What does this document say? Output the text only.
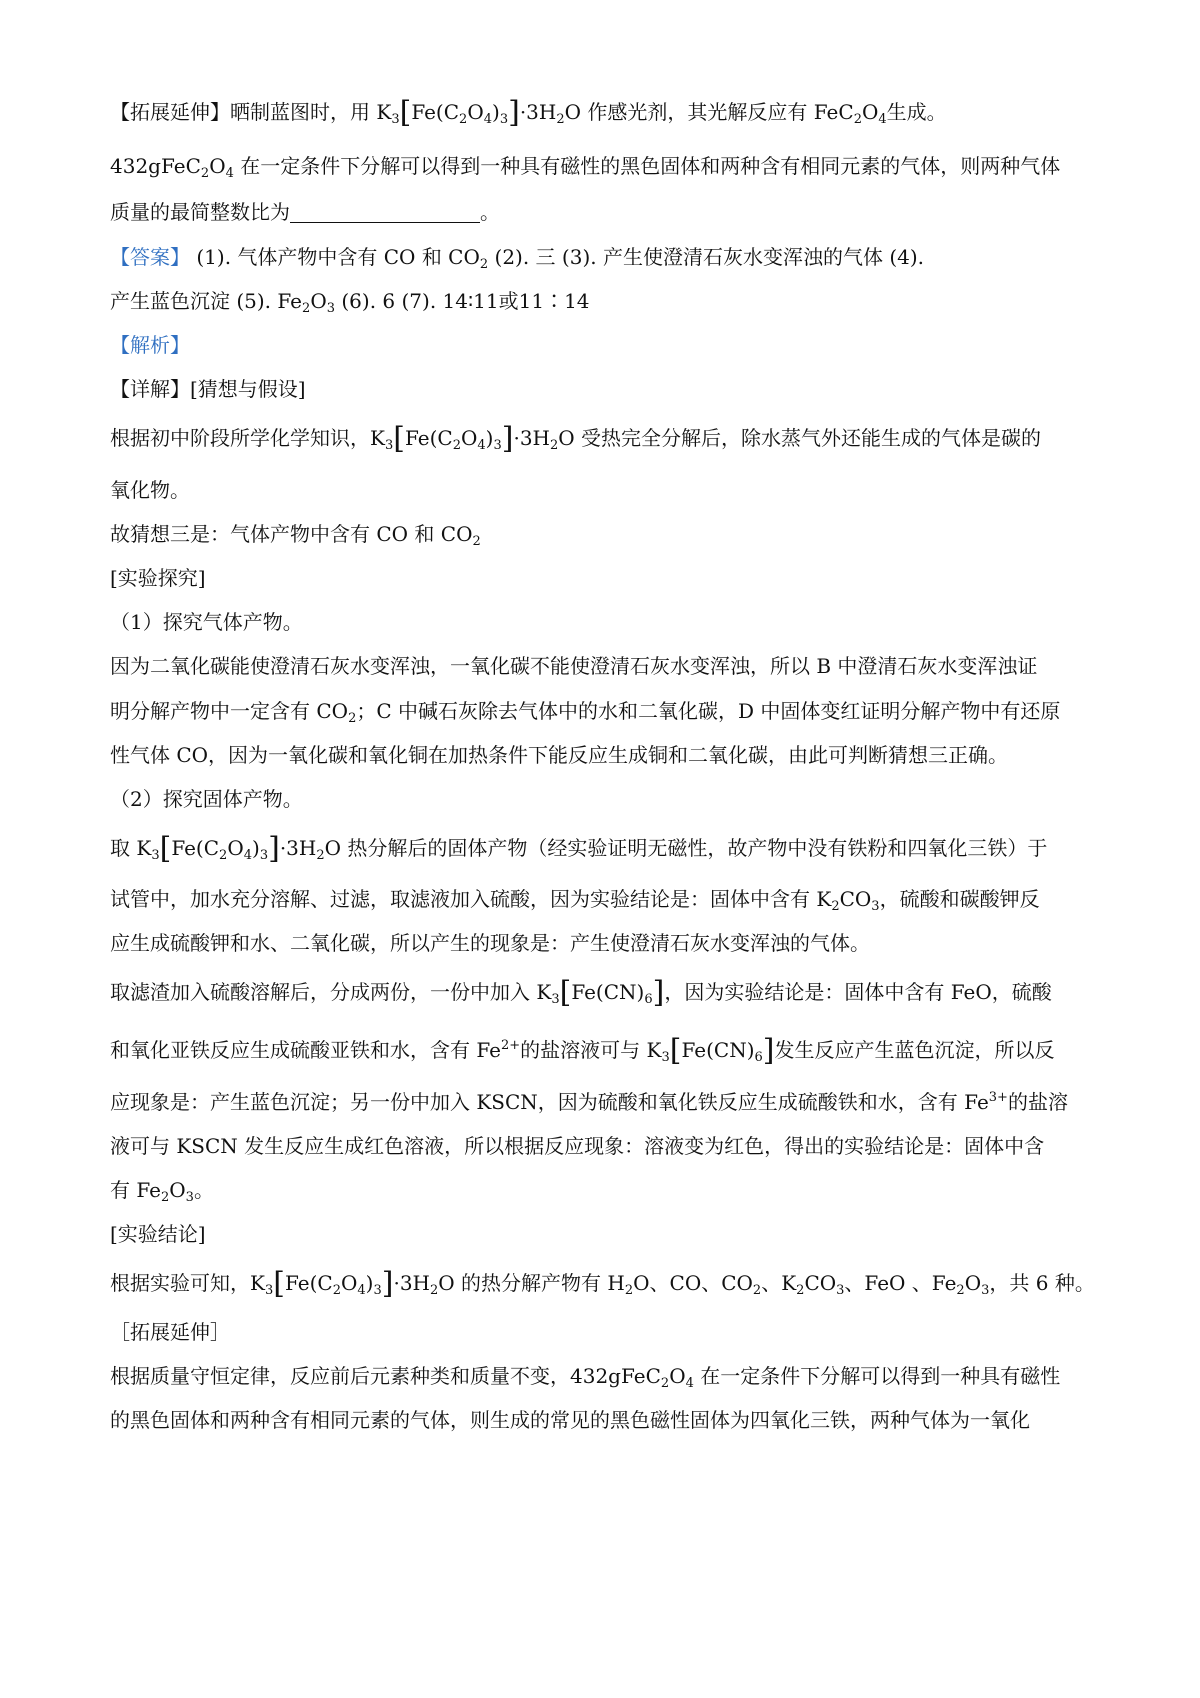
【拓展延伸】晒制蓝图时，用 $K_3[Fe(C_2O_4)_3]\cdot 3H_2O$ 作感光剂，其光解反应有 $FeC_2O_4$生成。
$432gFeC_2O_4$ 在一定条件下分解可以得到一种具有磁性的黑色固体和两种含有相同元素的气体，则两种气体
质量的最简整数比为	。
【答案】 (1). 气体产物中含有 CO 和 $CO_2$ (2). 三 (3). 产生使澄清石灰水变浑浊的气体 (4).
产生蓝色沉淀 (5). $Fe_2O_3$ (6). 6 (7). 14∶11或11∶14
【解析】
【详解】[猜想与假设]
根据初中阶段所学化学知识，$K_3[Fe(C_2O_4)_3]\cdot 3H_2O$ 受热完全分解后，除水蒸气外还能生成的气体是碳的
氧化物。
故猜想三是：气体产物中含有 CO 和 $CO_2$
[实验探究]
（1）探究气体产物。
因为二氧化碳能使澄清石灰水变浑浊，一氧化碳不能使澄清石灰水变浑浊，所以 B 中澄清石灰水变浑浊证
明分解产物中一定含有 $CO_2$；C 中碱石灰除去气体中的水和二氧化碳，D 中固体变红证明分解产物中有还原
性气体 CO，因为一氧化碳和氧化铜在加热条件下能反应生成铜和二氧化碳，由此可判断猜想三正确。
（2）探究固体产物。
取 $K_3[Fe(C_2O_4)_3]\cdot 3H_2O$ 热分解后的固体产物（经实验证明无磁性，故产物中没有铁粉和四氧化三铁）于
试管中，加水充分溶解、过滤，取滤液加入硫酸，因为实验结论是：固体中含有 $K_2CO_3$，硫酸和碳酸钾反
应生成硫酸钾和水、二氧化碳，所以产生的现象是：产生使澄清石灰水变浑浊的气体。
取滤渣加入硫酸溶解后，分成两份，一份中加入 $K_3[Fe(CN)_6]$，因为实验结论是：固体中含有 FeO，硫酸
和氧化亚铁反应生成硫酸亚铁和水，含有 $Fe^{2+}$的盐溶液可与 $K_3[Fe(CN)_6]$发生反应产生蓝色沉淀，所以反
应现象是：产生蓝色沉淀；另一份中加入 KSCN，因为硫酸和氧化铁反应生成硫酸铁和水，含有 $Fe^{3+}$的盐溶
液可与 KSCN 发生反应生成红色溶液，所以根据反应现象：溶液变为红色，得出的实验结论是：固体中含
有 $Fe_2O_3$。
[实验结论]
根据实验可知，$K_3[Fe(C_2O_4)_3]\cdot 3H_2O$ 的热分解产物有 $H_2O$、CO、$CO_2$、$K_2CO_3$、FeO 、$Fe_2O_3$，共 6 种。
［拓展延伸］
根据质量守恒定律，反应前后元素种类和质量不变，$432gFeC_2O_4$ 在一定条件下分解可以得到一种具有磁性
的黑色固体和两种含有相同元素的气体，则生成的常见的黑色磁性固体为四氧化三铁，两种气体为一氧化
